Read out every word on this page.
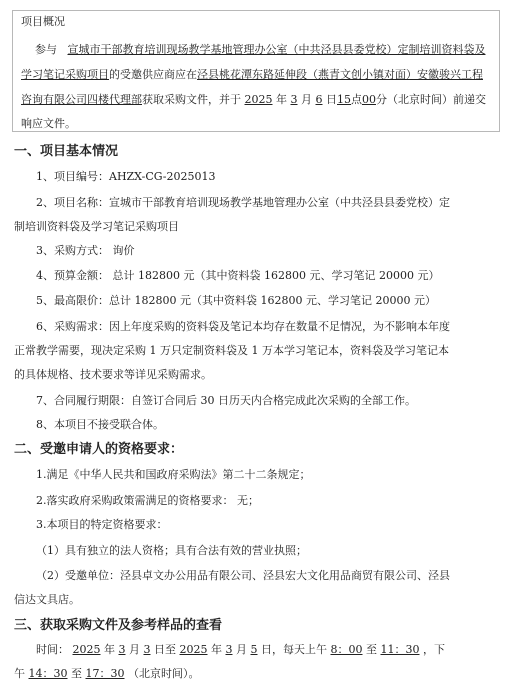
项目概况
参与 宣城市干部教育培训现场教学基地管理办公室（中共泾县县委党校）定制培训资料袋及
学习笔记采购项目的受邀供应商应在泾县桃花潭东路延伸段（燕青文创小镇对面）安徽骏兴工程
咨询有限公司四楼代理部获取采购文件，并于 2025 年 3 月 6 日15点00分（北京时间）前递交
响应文件。
一、项目基本情况
1、项目编号：AHZX-CG-2025013
2、项目名称：宣城市干部教育培训现场教学基地管理办公室（中共泾县县委党校）定
制培训资料袋及学习笔记采购项目
3、采购方式： 询价
4、预算金额： 总计 182800 元（其中资料袋 162800 元、学习笔记 20000 元）
5、最高限价：总计 182800 元（其中资料袋 162800 元、学习笔记 20000 元）
6、采购需求：因上年度采购的资料袋及笔记本均存在数量不足情况，为不影响本年度
正常教学需要，现决定采购 1 万只定制资料袋及 1 万本学习笔记本，资料袋及学习笔记本
的具体规格、技术要求等详见采购需求。
7、合同履行期限：自签订合同后 30 日历天内合格完成此次采购的全部工作。
8、本项目不接受联合体。
二、受邀申请人的资格要求：
1.满足《中华人民共和国政府采购法》第二十二条规定；
2.落实政府采购政策需满足的资格要求： 无；
3.本项目的特定资格要求：
（1）具有独立的法人资格；具有合法有效的营业执照；
（2）受邀单位：泾县卓文办公用品有限公司、泾县宏大文化用品商贸有限公司、泾县
信达文具店。
三、获取采购文件及参考样品的查看
时间： 2025 年 3 月 3 日至 2025 年 3 月 5 日，每天上午 8：00 至 11：30 ，下
午 14：30 至 17：30 （北京时间）。
